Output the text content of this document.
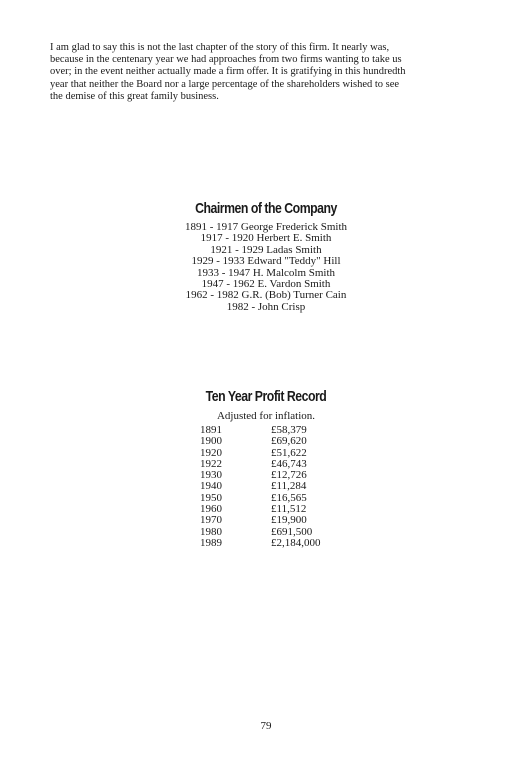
I am glad to say this is not the last chapter of the story of this firm. It nearly was,
because in the centenary year we had approaches from two firms wanting to take us
over; in the event neither actually made a firm offer. It is gratifying in this hundredth
year that neither the Board nor a large percentage of the shareholders wished to see
the demise of this great family business.

Chairmen of the Company
1891 - 1917 George Frederick Smith
1917 - 1920 Herbert E. Smith
1921 - 1929 Ladas Smith
1929 - 1933 Edward "Teddy" Hill
1933 - 1947 H. Malcolm Smith
1947 - 1962 E. Vardon Smith
1962 - 1982 G.R. (Bob) Turner Cain
1982 - John Crisp
Ten Year Profit Record

Adjusted for inflation.

1891	£58,379
1900	£69,620
1920	£51,622
1922	£46,743
1930	£12,726
1940	£11,284
1950	£16,565
1960	£11,512
1970	£19,900
1980	£691,500
1989	£2,184,000

79
